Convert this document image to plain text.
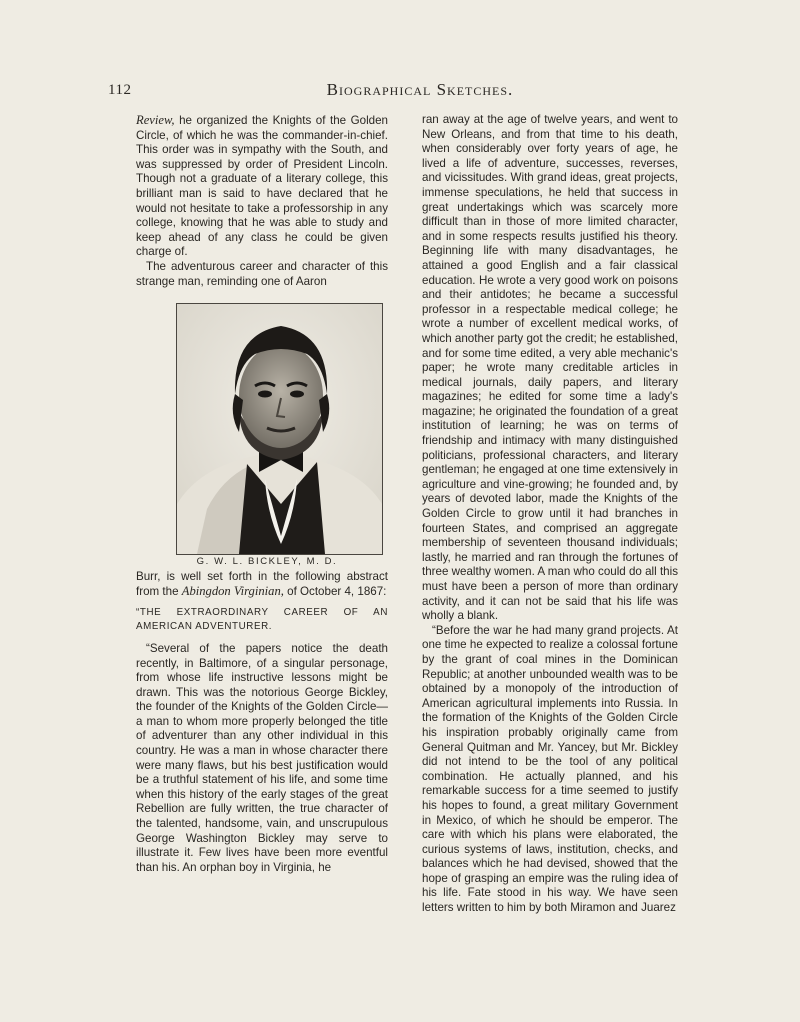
112	Biographical Sketches.

Review, he organized the Knights of the Golden Circle, of which he was the commander-in-chief. This order was in sympathy with the South, and was suppressed by order of President Lincoln. Though not a graduate of a literary college, this brilliant man is said to have declared that he would not hesitate to take a professorship in any college, knowing that he was able to study and keep ahead of any class he could be given charge of.

The adventurous career and character of this strange man, reminding one of Aaron

G. W. L. BICKLEY, M. D.

Burr, is well set forth in the following abstract from the Abingdon Virginian, of October 4, 1867:

“THE EXTRAORDINARY CAREER OF AN AMERICAN ADVENTURER.

“Several of the papers notice the death recently, in Baltimore, of a singular personage, from whose life instructive lessons might be drawn. This was the notorious George Bickley, the founder of the Knights of the Golden Circle—a man to whom more properly belonged the title of adventurer than any other individual in this country. He was a man in whose character there were many flaws, but his best justification would be a truthful statement of his life, and some time when this history of the early stages of the great Rebellion are fully written, the true character of the talented, handsome, vain, and unscrupulous George Washington Bickley may serve to illustrate it. Few lives have been more eventful than his. An orphan boy in Virginia, he

ran away at the age of twelve years, and went to New Orleans, and from that time to his death, when considerably over forty years of age, he lived a life of adventure, successes, reverses, and vicissitudes. With grand ideas, great projects, immense speculations, he held that success in great undertakings which was scarcely more difficult than in those of more limited character, and in some respects results justified his theory. Beginning life with many disadvantages, he attained a good English and a fair classical education. He wrote a very good work on poisons and their antidotes; he became a successful professor in a respectable medical college; he wrote a number of excellent medical works, of which another party got the credit; he established, and for some time edited, a very able mechanic's paper; he wrote many creditable articles in medical journals, daily papers, and literary magazines; he edited for some time a lady's magazine; he originated the foundation of a great institution of learning; he was on terms of friendship and intimacy with many distinguished politicians, professional characters, and literary gentleman; he engaged at one time extensively in agriculture and vine-growing; he founded and, by years of devoted labor, made the Knights of the Golden Circle to grow until it had branches in fourteen States, and comprised an aggregate membership of seventeen thousand individuals; lastly, he married and ran through the fortunes of three wealthy women. A man who could do all this must have been a person of more than ordinary activity, and it can not be said that his life was wholly a blank.

“Before the war he had many grand projects. At one time he expected to realize a colossal fortune by the grant of coal mines in the Dominican Republic; at another unbounded wealth was to be obtained by a monopoly of the introduction of American agricultural implements into Russia. In the formation of the Knights of the Golden Circle his inspiration probably originally came from General Quitman and Mr. Yancey, but Mr. Bickley did not intend to be the tool of any political combination. He actually planned, and his remarkable success for a time seemed to justify his hopes to found, a great military Government in Mexico, of which he should be emperor. The care with which his plans were elaborated, the curious systems of laws, institution, checks, and balances which he had devised, showed that the hope of grasping an empire was the ruling idea of his life. Fate stood in his way. We have seen letters written to him by both Miramon and Juarez
